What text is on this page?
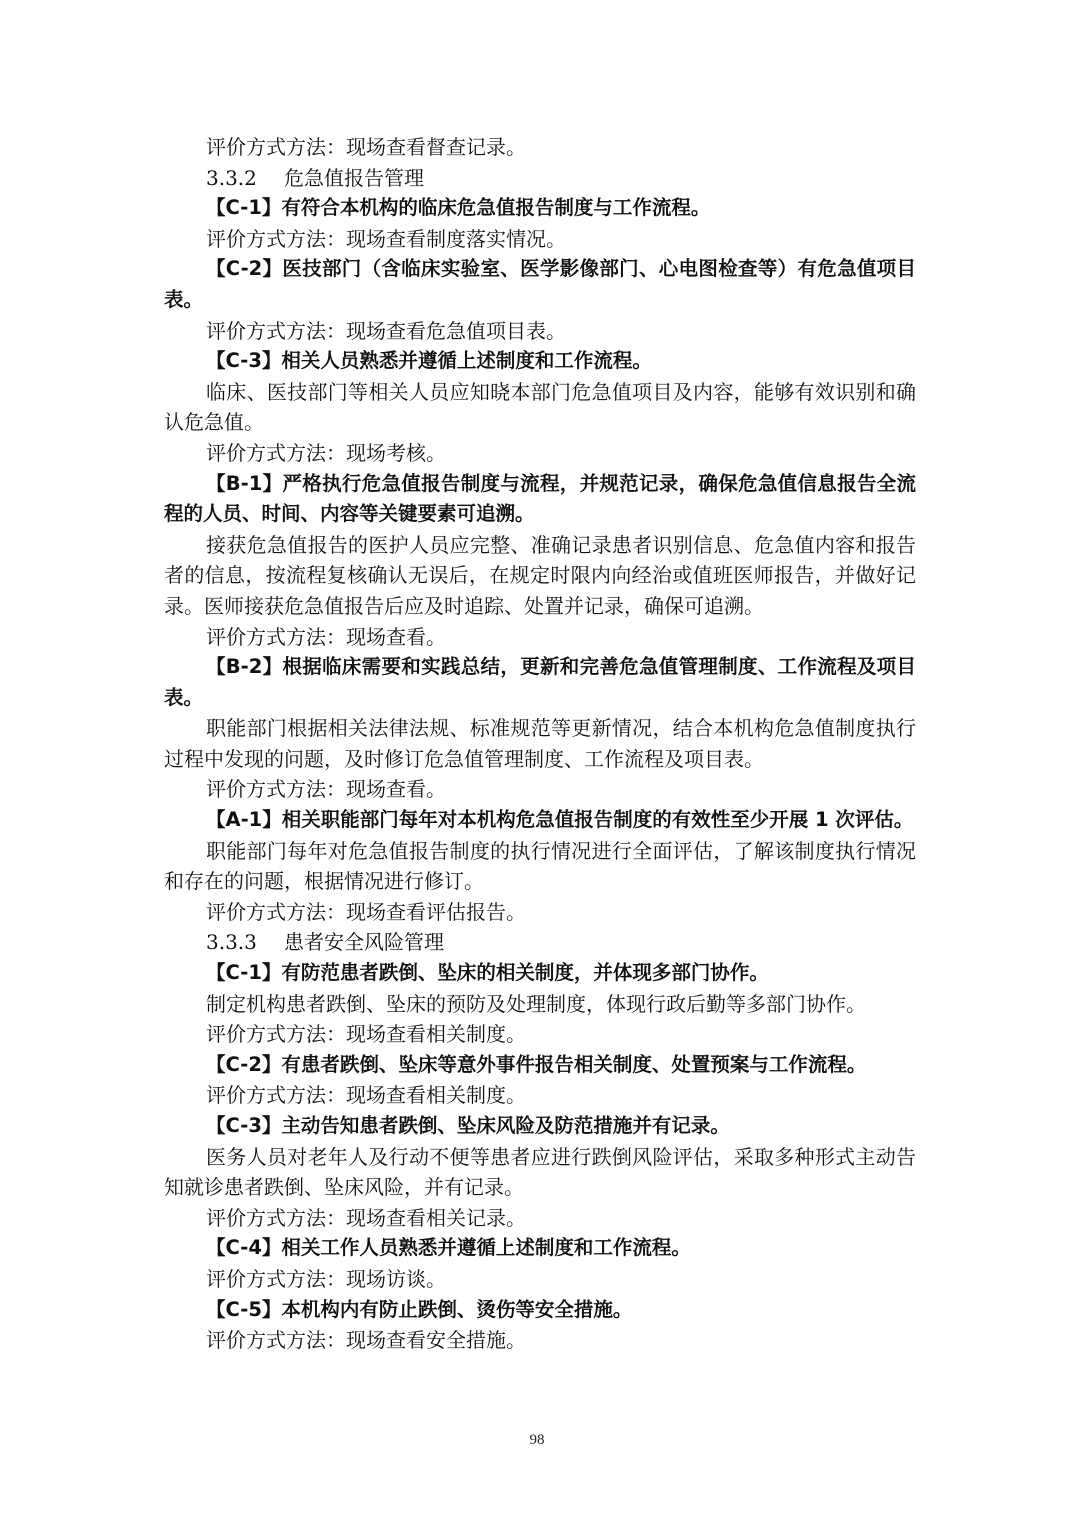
评价方式方法：现场查看督查记录。
3.3.2 危急值报告管理
【C-1】有符合本机构的临床危急值报告制度与工作流程。
评价方式方法：现场查看制度落实情况。
【C-2】医技部门（含临床实验室、医学影像部门、心电图检查等）有危急值项目表。
评价方式方法：现场查看危急值项目表。
【C-3】相关人员熟悉并遵循上述制度和工作流程。
临床、医技部门等相关人员应知晓本部门危急值项目及内容，能够有效识别和确认危急值。
评价方式方法：现场考核。
【B-1】严格执行危急值报告制度与流程，并规范记录，确保危急值信息报告全流程的人员、时间、内容等关键要素可追溯。
接获危急值报告的医护人员应完整、准确记录患者识别信息、危急值内容和报告者的信息，按流程复核确认无误后，在规定时限内向经治或值班医师报告，并做好记录。医师接获危急值报告后应及时追踪、处置并记录，确保可追溯。
评价方式方法：现场查看。
【B-2】根据临床需要和实践总结，更新和完善危急值管理制度、工作流程及项目表。
职能部门根据相关法律法规、标准规范等更新情况，结合本机构危急值制度执行过程中发现的问题，及时修订危急值管理制度、工作流程及项目表。
评价方式方法：现场查看。
【A-1】相关职能部门每年对本机构危急值报告制度的有效性至少开展 1 次评估。
职能部门每年对危急值报告制度的执行情况进行全面评估，了解该制度执行情况和存在的问题，根据情况进行修订。
评价方式方法：现场查看评估报告。
3.3.3 患者安全风险管理
【C-1】有防范患者跌倒、坠床的相关制度，并体现多部门协作。
制定机构患者跌倒、坠床的预防及处理制度，体现行政后勤等多部门协作。
评价方式方法：现场查看相关制度。
【C-2】有患者跌倒、坠床等意外事件报告相关制度、处置预案与工作流程。
评价方式方法：现场查看相关制度。
【C-3】主动告知患者跌倒、坠床风险及防范措施并有记录。
医务人员对老年人及行动不便等患者应进行跌倒风险评估，采取多种形式主动告知就诊患者跌倒、坠床风险，并有记录。
评价方式方法：现场查看相关记录。
【C-4】相关工作人员熟悉并遵循上述制度和工作流程。
评价方式方法：现场访谈。
【C-5】本机构内有防止跌倒、烫伤等安全措施。
评价方式方法：现场查看安全措施。
98
